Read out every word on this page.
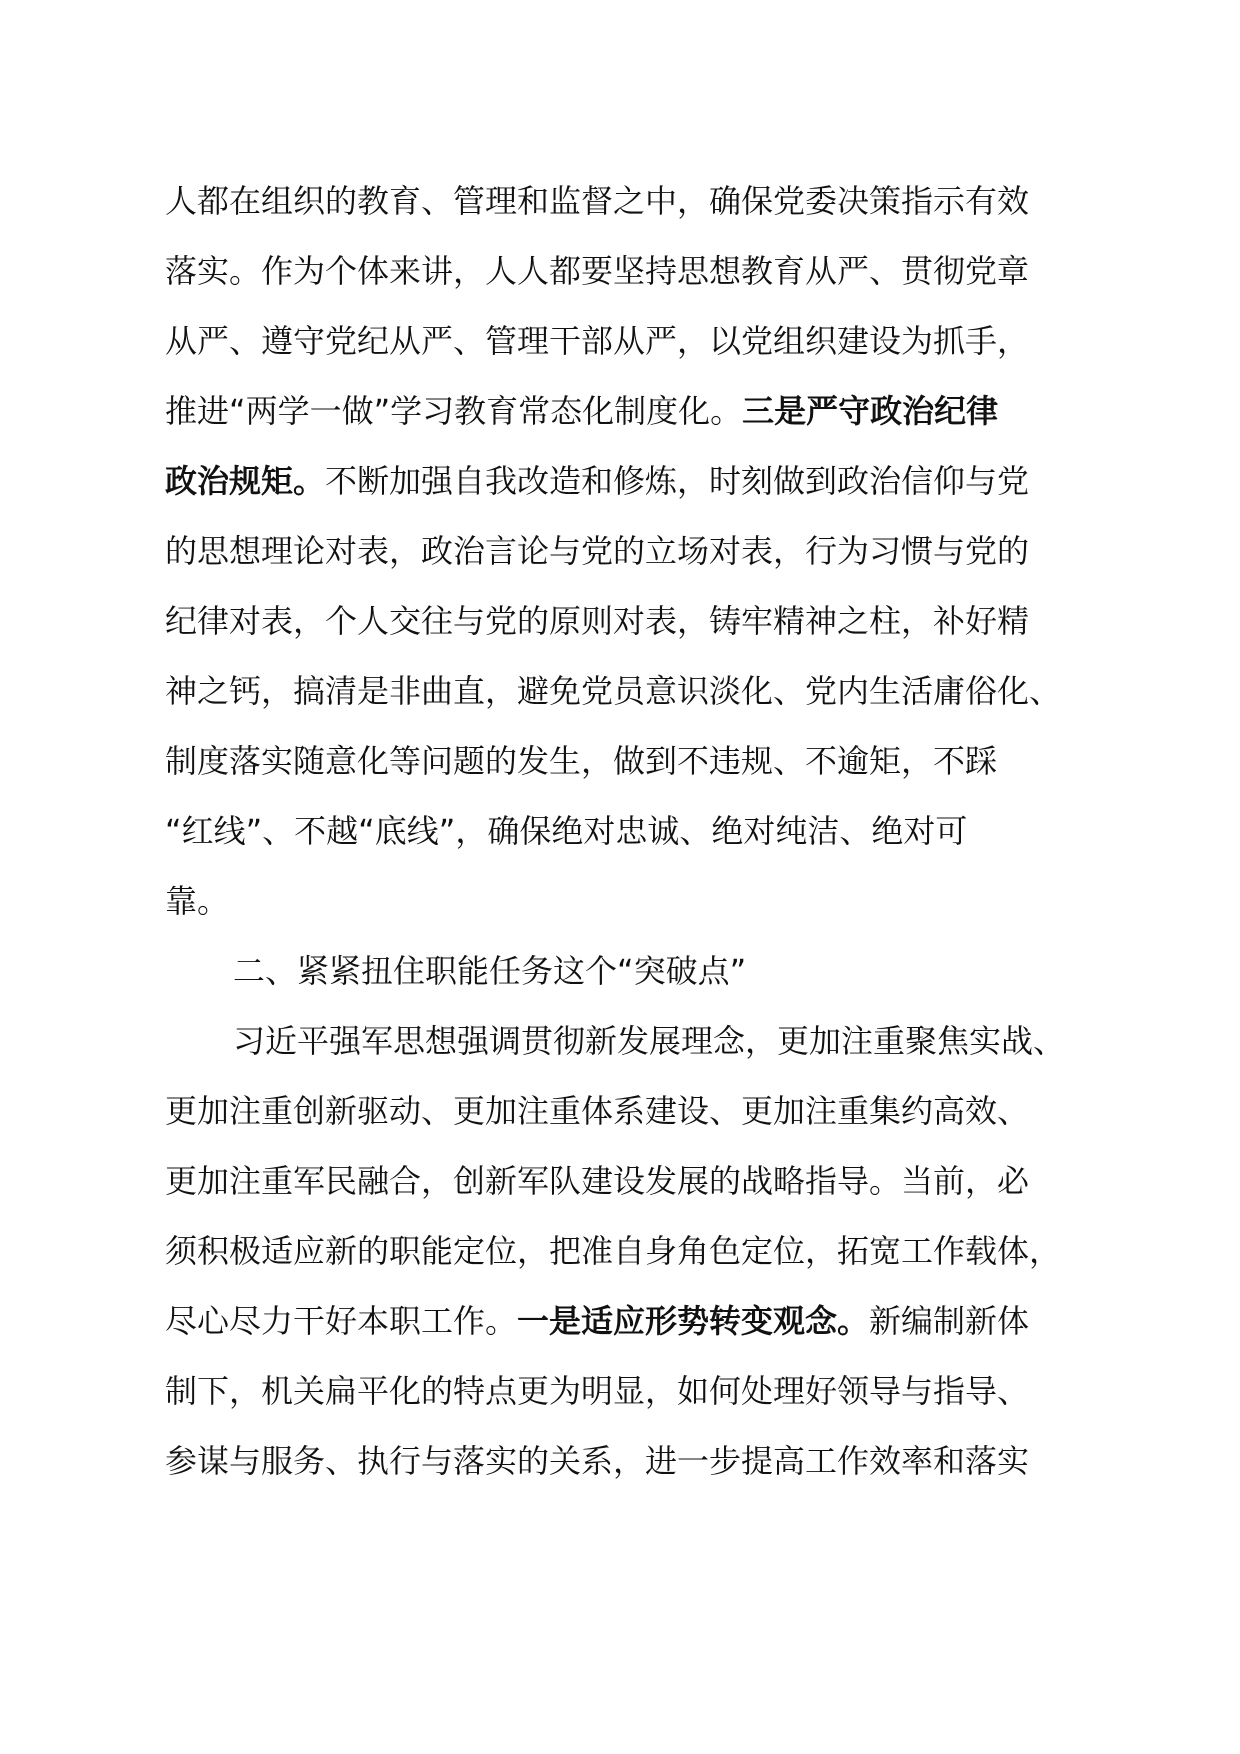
人都在组织的教育、管理和监督之中，确保党委决策指示有效
落实。作为个体来讲，人人都要坚持思想教育从严、贯彻党章
从严、遵守党纪从严、管理干部从严，以党组织建设为抓手，
推进“两学一做”学习教育常态化制度化。三是严守政治纪律
政治规矩。不断加强自我改造和修炼，时刻做到政治信仰与党
的思想理论对表，政治言论与党的立场对表，行为习惯与党的
纪律对表，个人交往与党的原则对表，铸牢精神之柱，补好精
神之钙，搞清是非曲直，避免党员意识淡化、党内生活庸俗化、
制度落实随意化等问题的发生，做到不违规、不逾矩，不踩
“红线”、不越“底线”，确保绝对忠诚、绝对纯洁、绝对可
靠。
二、紧紧扭住职能任务这个“突破点”
习近平强军思想强调贯彻新发展理念，更加注重聚焦实战、
更加注重创新驱动、更加注重体系建设、更加注重集约高效、
更加注重军民融合，创新军队建设发展的战略指导。当前，必
须积极适应新的职能定位，把准自身角色定位，拓宽工作载体，
尽心尽力干好本职工作。一是适应形势转变观念。新编制新体
制下，机关扁平化的特点更为明显，如何处理好领导与指导、
参谋与服务、执行与落实的关系，进一步提高工作效率和落实
